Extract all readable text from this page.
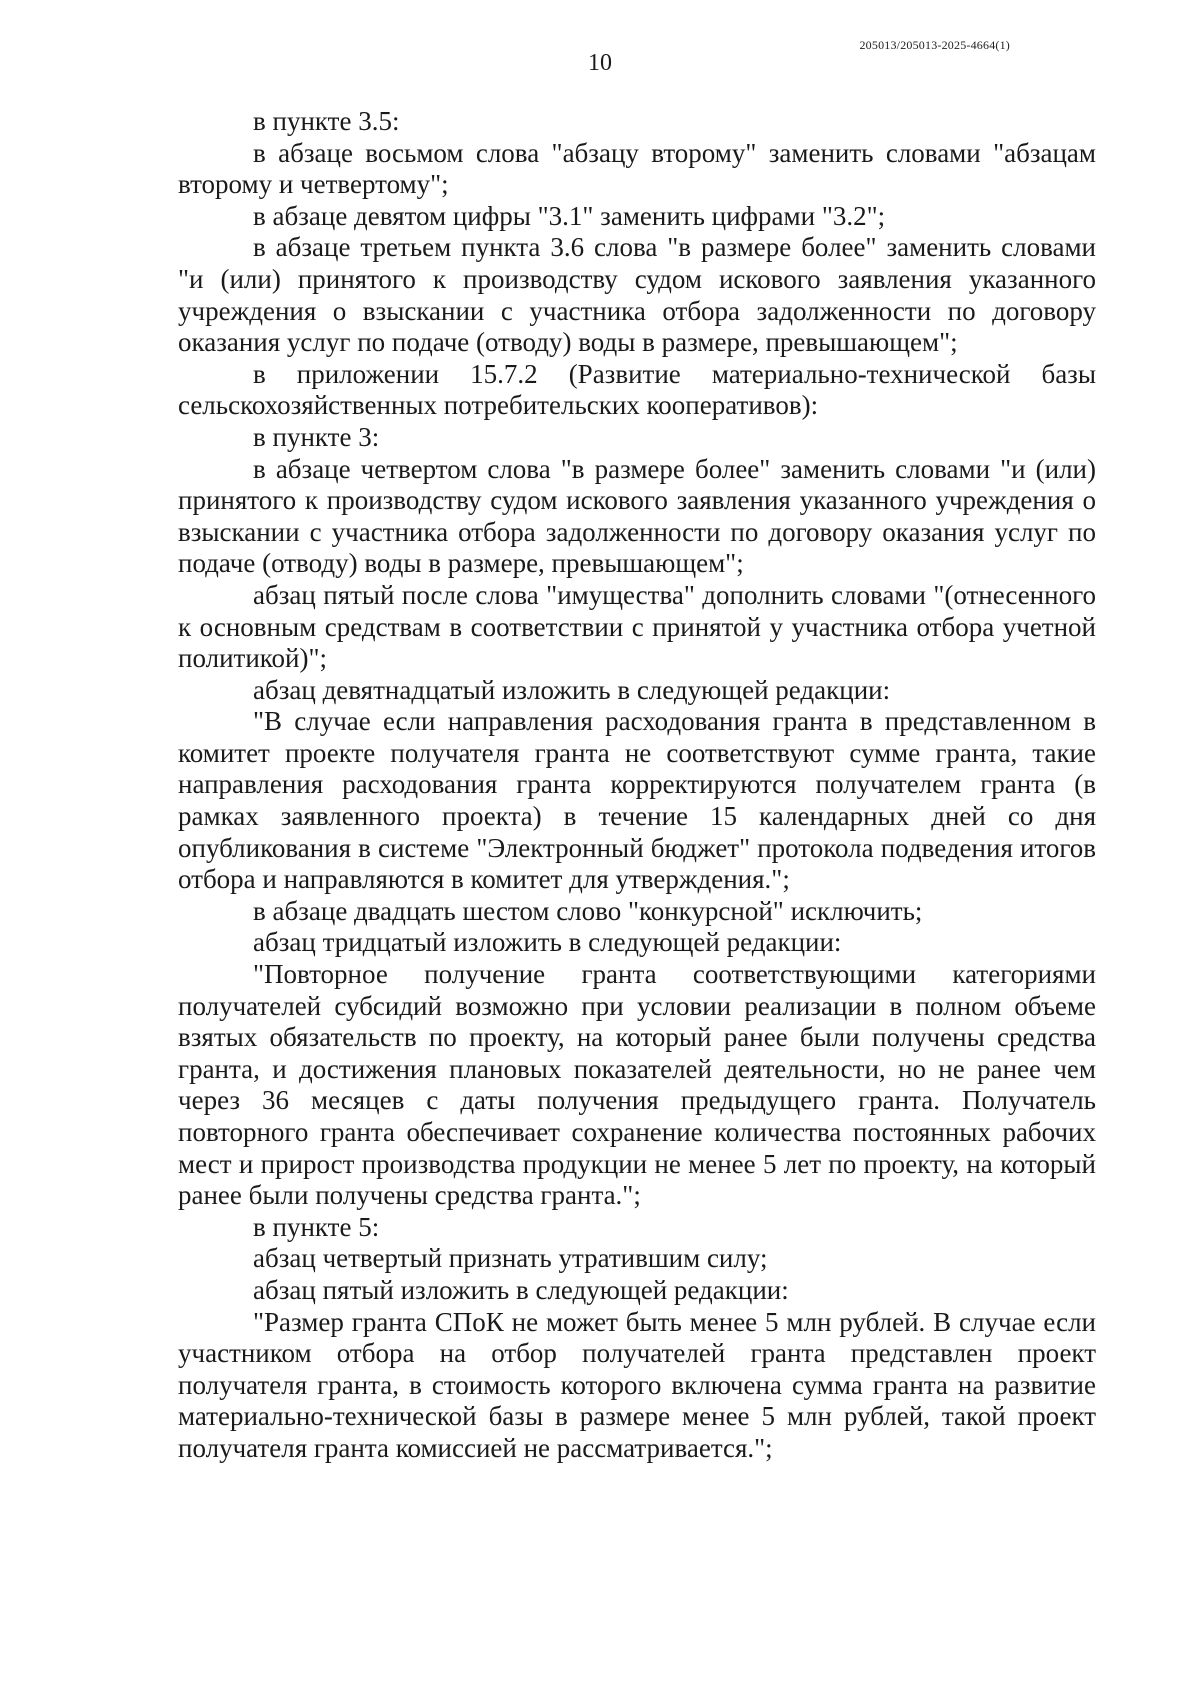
205013/205013-2025-4664(1)
10

в пункте 3.5:

в абзаце восьмом слова "абзацу второму" заменить словами "абзацам второму и четвертому";

в абзаце девятом цифры "3.1" заменить цифрами "3.2";

в абзаце третьем пункта 3.6 слова "в размере более" заменить словами "и (или) принятого к производству судом искового заявления указанного учреждения о взыскании с участника отбора задолженности по договору оказания услуг по подаче (отводу) воды в размере, превышающем";

в приложении 15.7.2 (Развитие материально-технической базы сельскохозяйственных потребительских кооперативов):

в пункте 3:

в абзаце четвертом слова "в размере более" заменить словами "и (или) принятого к производству судом искового заявления указанного учреждения о взыскании с участника отбора задолженности по договору оказания услуг по подаче (отводу) воды в размере, превышающем";

абзац пятый после слова "имущества" дополнить словами "(отнесенного к основным средствам в соответствии с принятой у участника отбора учетной политикой)";

абзац девятнадцатый изложить в следующей редакции:

"В случае если направления расходования гранта в представленном в комитет проекте получателя гранта не соответствуют сумме гранта, такие направления расходования гранта корректируются получателем гранта (в рамках заявленного проекта) в течение 15 календарных дней со дня опубликования в системе "Электронный бюджет" протокола подведения итогов отбора и направляются в комитет для утверждения.";

в абзаце двадцать шестом слово "конкурсной" исключить;

абзац тридцатый изложить в следующей редакции:

"Повторное получение гранта соответствующими категориями получателей субсидий возможно при условии реализации в полном объеме взятых обязательств по проекту, на который ранее были получены средства гранта, и достижения плановых показателей деятельности, но не ранее чем через 36 месяцев с даты получения предыдущего гранта. Получатель повторного гранта обеспечивает сохранение количества постоянных рабочих мест и прирост производства продукции не менее 5 лет по проекту, на который ранее были получены средства гранта.";

в пункте 5:

абзац четвертый признать утратившим силу;

абзац пятый изложить в следующей редакции:

"Размер гранта СПоК не может быть менее 5 млн рублей. В случае если участником отбора на отбор получателей гранта представлен проект получателя гранта, в стоимость которого включена сумма гранта на развитие материально-технической базы в размере менее 5 млн рублей, такой проект получателя гранта комиссией не рассматривается.";
